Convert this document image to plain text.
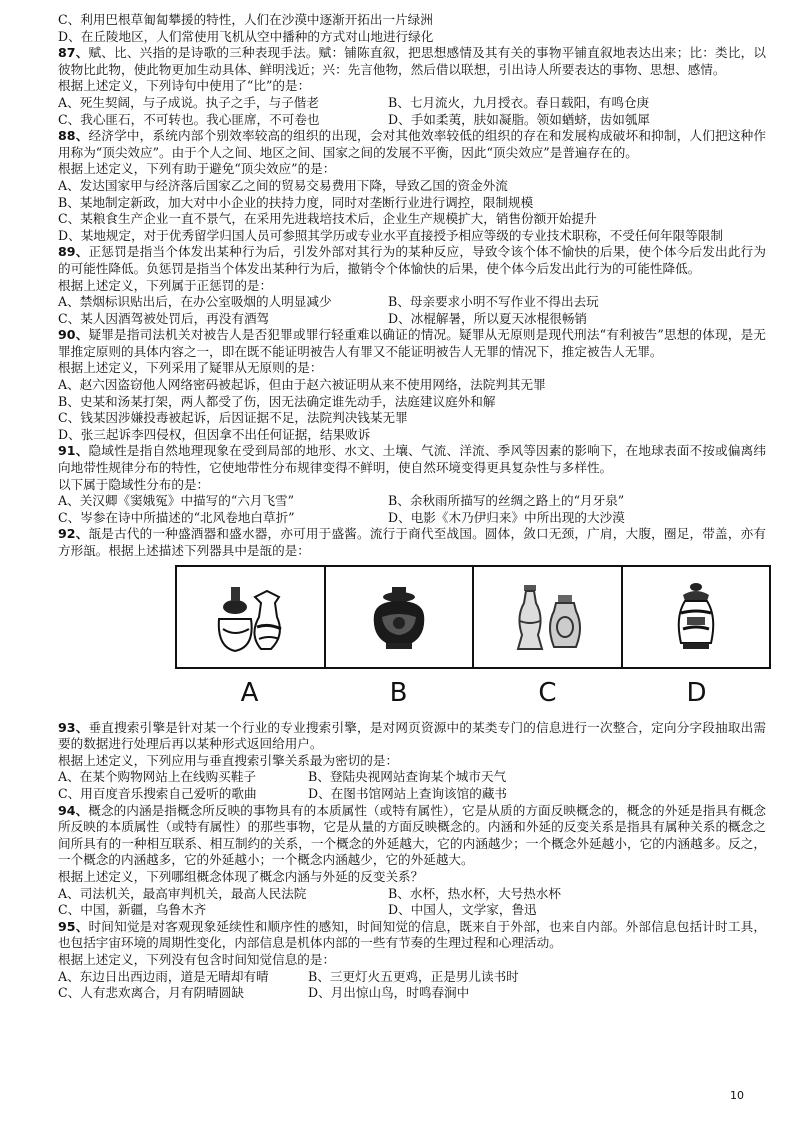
C、利用巴根草匍匐攀援的特性，人们在沙漠中逐渐开拓出一片绿洲
D、在丘陵地区，人们常使用飞机从空中播种的方式对山地进行绿化
87、赋、比、兴指的是诗歌的三种表现手法。赋：铺陈直叙，把思想感情及其有关的事物平铺直叙地表达出来；比：类比，以彼物比此物，使此物更加生动具体、鲜明浅近；兴：先言他物，然后借以联想，引出诗人所要表达的事物、思想、感情。
根据上述定义，下列诗句中使用了“比”的是：
A、死生契阔，与子成说。执子之手，与子偕老	B、七月流火，九月授衣。春日载阳，有鸣仓庚
C、我心匪石，不可转也。我心匪席，不可卷也	D、手如柔荑，肤如凝脂。领如蝤蛴，齿如瓠犀
88、经济学中，系统内部个别效率较高的组织的出现，会对其他效率较低的组织的存在和发展构成破坏和抑制，人们把这种作用称为“顶尖效应”。由于个人之间、地区之间、国家之间的发展不平衡，因此“顶尖效应”是普遍存在的。
根据上述定义，下列有助于避免“顶尖效应”的是：
A、发达国家甲与经济落后国家乙之间的贸易交易费用下降，导致乙国的资金外流
B、某地制定新政，加大对中小企业的扶持力度，同时对垄断行业进行调控，限制规模
C、某粮食生产企业一直不景气，在采用先进栽培技术后，企业生产规模扩大，销售份额开始提升
D、某地规定，对于优秀留学归国人员可参照其学历或专业水平直接授予相应等级的专业技术职称，不受任何年限等限制
89、正惩罚是指当个体发出某种行为后，引发外部对其行为的某种反应，导致令该个体不愉快的后果，使个体今后发出此行为的可能性降低。负惩罚是指当个体发出某种行为后，撤销令个体愉快的后果，使个体今后发出此行为的可能性降低。
根据上述定义，下列属于正惩罚的是：
A、禁烟标识贴出后，在办公室吸烟的人明显减少	B、母亲要求小明不写作业不得出去玩
C、某人因酒驾被处罚后，再没有酒驾	D、冰棍解暑，所以夏天冰棍很畅销
90、疑罪是指司法机关对被告人是否犯罪或罪行轻重难以确证的情况。疑罪从无原则是现代刑法“有利被告”思想的体现，是无罪推定原则的具体内容之一，即在既不能证明被告人有罪又不能证明被告人无罪的情况下，推定被告人无罪。
根据上述定义，下列采用了疑罪从无原则的是：
A、赵六因盗窃他人网络密码被起诉，但由于赵六被证明从来不使用网络，法院判其无罪
B、史某和汤某打架，两人都受了伤，因无法确定谁先动手，法庭建议庭外和解
C、钱某因涉嫌投毒被起诉，后因证据不足，法院判决钱某无罪
D、张三起诉李四侵权，但因拿不出任何证据，结果败诉
91、隐域性是指自然地理现象在受到局部的地形、水文、土壤、气流、洋流、季风等因素的影响下，在地球表面不按或偏离纬向地带性规律分布的特性，它使地带性分布规律变得不鲜明，使自然环境变得更具复杂性与多样性。
以下属于隐域性分布的是：
A、关汉卿《窦娥冤》中描写的“六月飞雪”	B、余秋雨所描写的丝绸之路上的“月牙泉”
C、岑参在诗中所描述的“北风卷地白草折”	D、电影《木乃伊归来》中所出现的大沙漠
92、瓿是古代的一种盛酒器和盛水器，亦可用于盛酱。流行于商代至战国。圆体，敛口无颈，广肩，大腹，圈足，带盖，亦有方形瓿。根据上述描述下列器具中是瓿的是：
A	B	C	D
93、垂直搜索引擎是针对某一个行业的专业搜索引擎，是对网页资源中的某类专门的信息进行一次整合，定向分字段抽取出需要的数据进行处理后再以某种形式返回给用户。
根据上述定义，下列应用与垂直搜索引擎关系最为密切的是：
A、在某个购物网站上在线购买鞋子	B、登陆央视网站查询某个城市天气
C、用百度音乐搜索自己爱听的歌曲	D、在图书馆网站上查询该馆的藏书
94、概念的内涵是指概念所反映的事物具有的本质属性（或特有属性），它是从质的方面反映概念的，概念的外延是指具有概念所反映的本质属性（或特有属性）的那些事物，它是从量的方面反映概念的。内涵和外延的反变关系是指具有属种关系的概念之间所具有的一种相互联系、相互制约的关系，一个概念的外延越大，它的内涵越少；一个概念外延越小，它的内涵越多。反之，一个概念的内涵越多，它的外延越小；一个概念内涵越少，它的外延越大。
根据上述定义，下列哪组概念体现了概念内涵与外延的反变关系？
A、司法机关，最高审判机关，最高人民法院	B、水杯，热水杯，大号热水杯
C、中国，新疆，乌鲁木齐	D、中国人，文学家，鲁迅
95、时间知觉是对客观现象延续性和顺序性的感知，时间知觉的信息，既来自于外部，也来自内部。外部信息包括计时工具，也包括宇宙环境的周期性变化，内部信息是机体内部的一些有节奏的生理过程和心理活动。
根据上述定义，下列没有包含时间知觉信息的是：
A、东边日出西边雨，道是无晴却有晴	B、三更灯火五更鸡，正是男儿读书时
C、人有悲欢离合，月有阴晴圆缺	D、月出惊山鸟，时鸣春涧中
10
